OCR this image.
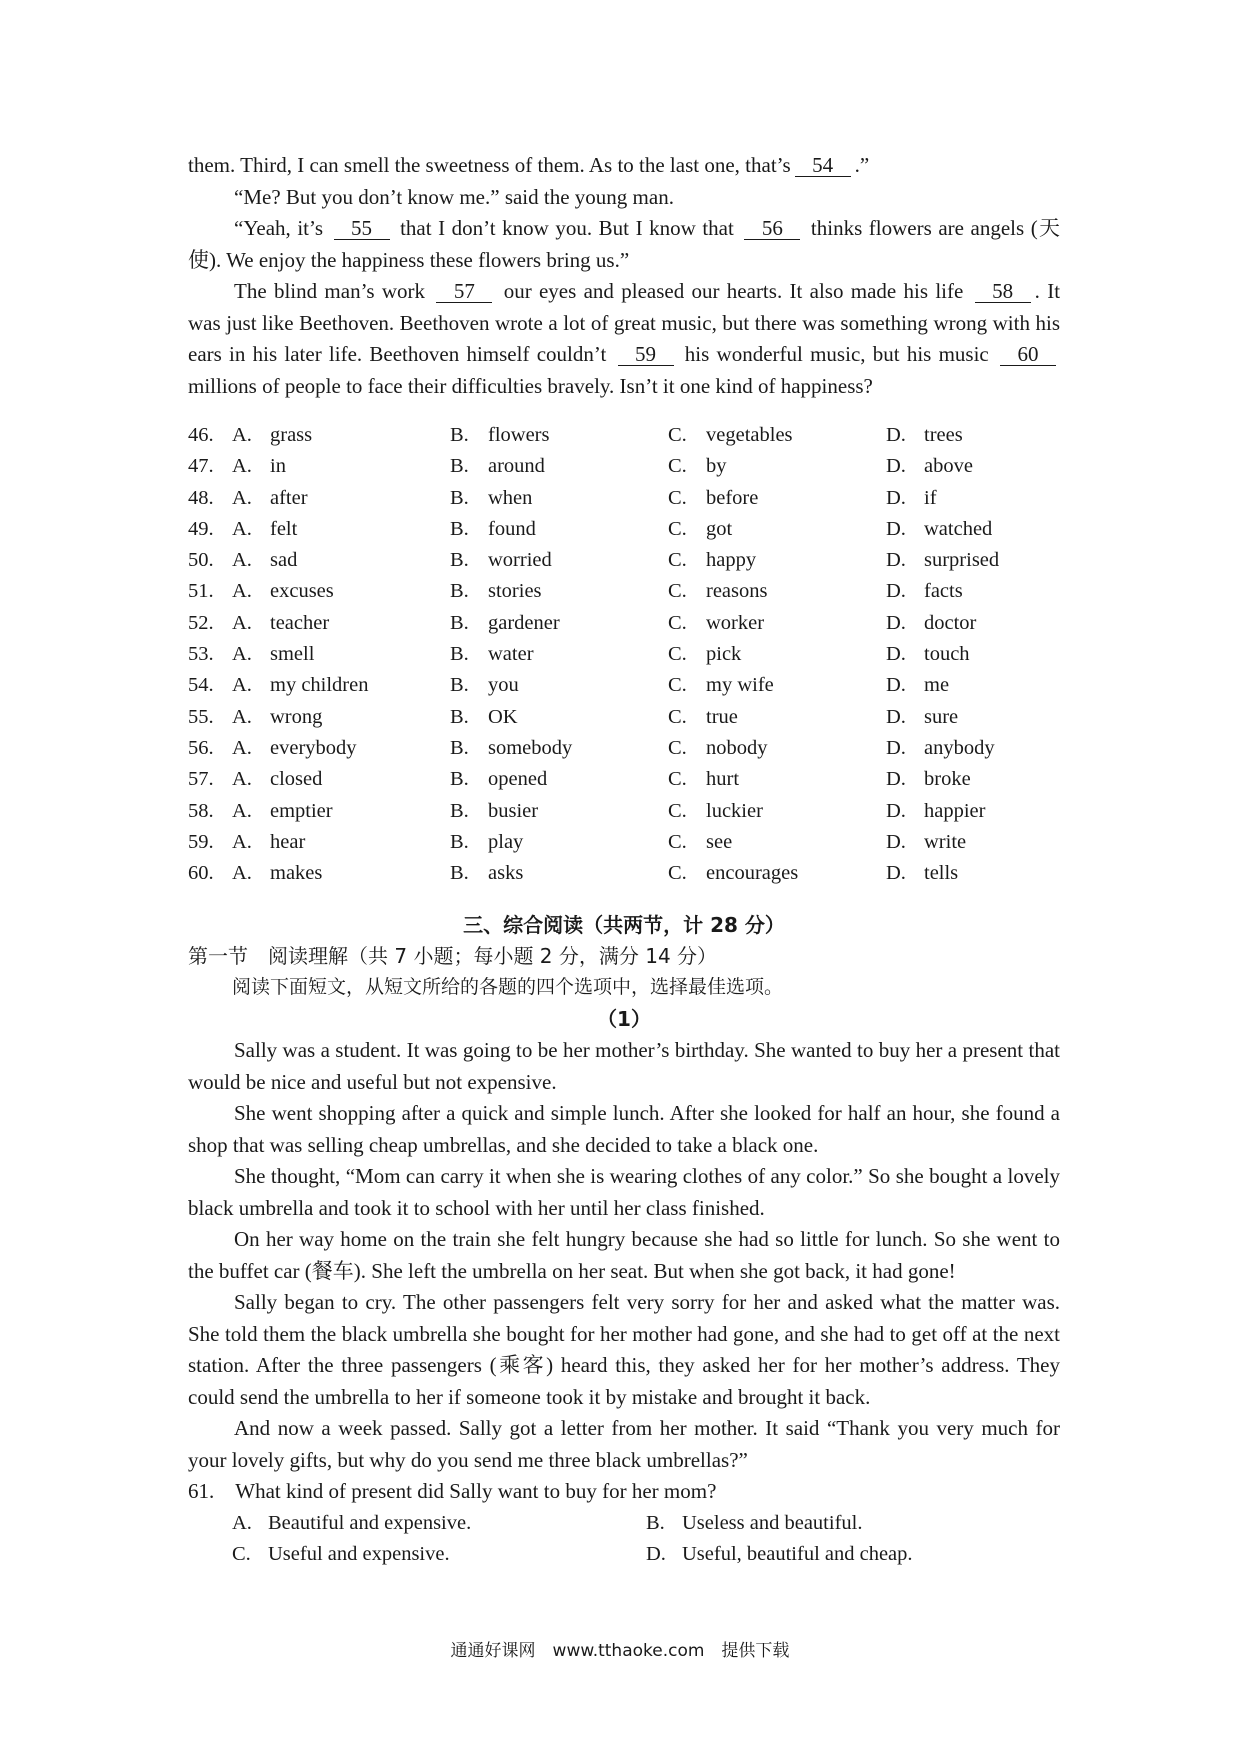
them. Third, I can smell the sweetness of them. As to the last one, that’s 54 .”

“Me? But you don’t know me.” said the young man.

“Yeah, it’s 55 that I don’t know you. But I know that 56 thinks flowers are angels (天使). We enjoy the happiness these flowers bring us.”

The blind man’s work 57 our eyes and pleased our hearts. It also made his life 58 . It was just like Beethoven. Beethoven wrote a lot of great music, but there was something wrong with his ears in his later life. Beethoven himself couldn’t 59 his wonderful music, but his music 60 millions of people to face their difficulties bravely. Isn’t it one kind of happiness?

46. A. grass	B. flowers	C. vegetables	D. trees
47. A. in	B. around	C. by	D. above
48. A. after	B. when	C. before	D. if
49. A. felt	B. found	C. got	D. watched
50. A. sad	B. worried	C. happy	D. surprised
51. A. excuses	B. stories	C. reasons	D. facts
52. A. teacher	B. gardener	C. worker	D. doctor
53. A. smell	B. water	C. pick	D. touch
54. A. my children	B. you	C. my wife	D. me
55. A. wrong	B. OK	C. true	D. sure
56. A. everybody	B. somebody	C. nobody	D. anybody
57. A. closed	B. opened	C. hurt	D. broke
58. A. emptier	B. busier	C. luckier	D. happier
59. A. hear	B. play	C. see	D. write
60. A. makes	B. asks	C. encourages	D. tells
三、综合阅读（共两节，计 28 分）
第一节　阅读理解（共 7 小题；每小题 2 分，满分 14 分）
阅读下面短文，从短文所给的各题的四个选项中，选择最佳选项。
（1）

Sally was a student. It was going to be her mother’s birthday. She wanted to buy her a present that would be nice and useful but not expensive.

She went shopping after a quick and simple lunch. After she looked for half an hour, she found a shop that was selling cheap umbrellas, and she decided to take a black one.

She thought, “Mom can carry it when she is wearing clothes of any color.” So she bought a lovely black umbrella and took it to school with her until her class finished.

On her way home on the train she felt hungry because she had so little for lunch. So she went to the buffet car (餐车). She left the umbrella on her seat. But when she got back, it had gone!

Sally began to cry. The other passengers felt very sorry for her and asked what the matter was. She told them the black umbrella she bought for her mother had gone, and she had to get off at the next station. After the three passengers (乘客) heard this, they asked her for her mother’s address. They could send the umbrella to her if someone took it by mistake and brought it back.

And now a week passed. Sally got a letter from her mother. It said “Thank you very much for your lovely gifts, but why do you send me three black umbrellas?”

61.　What kind of present did Sally want to buy for her mom?
A. Beautiful and expensive.	B. Useless and beautiful.
C. Useful and expensive.	D. Useful, beautiful and cheap.
通通好课网　www.tthaoke.com　提供下载
